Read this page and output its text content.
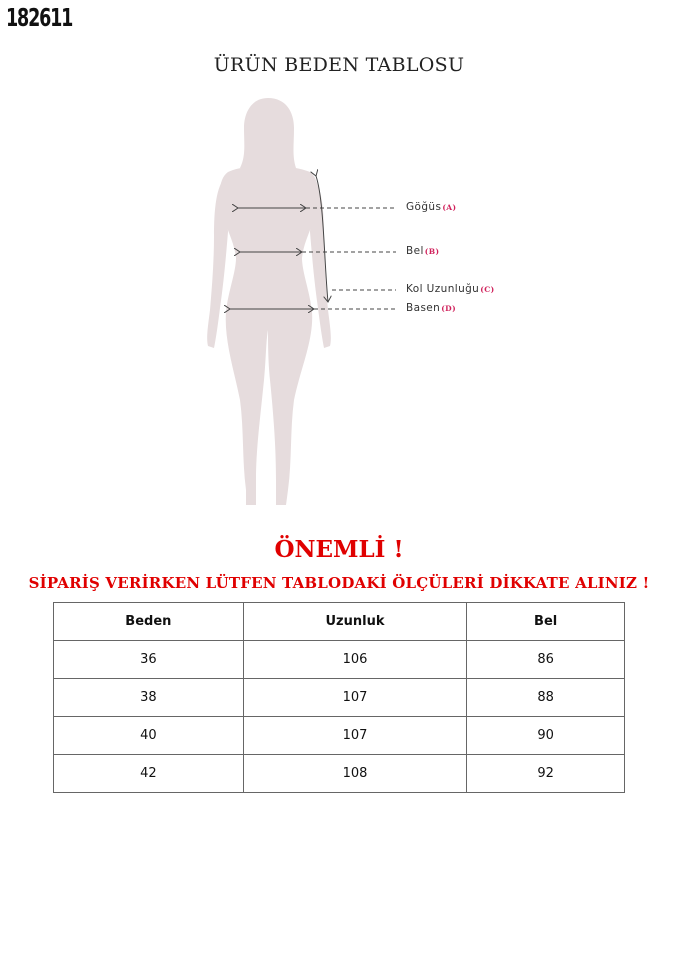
182611
ÜRÜN BEDEN TABLOSU
Göğüs(A)
Bel(B)
Kol Uzunluğu(C)
Basen(D)
ÖNEMLİ !
SİPARİŞ VERİRKEN LÜTFEN TABLODAKİ ÖLÇÜLERİ DİKKATE ALINIZ !
Beden	Uzunluk	Bel
36	106	86
38	107	88
40	107	90
42	108	92
